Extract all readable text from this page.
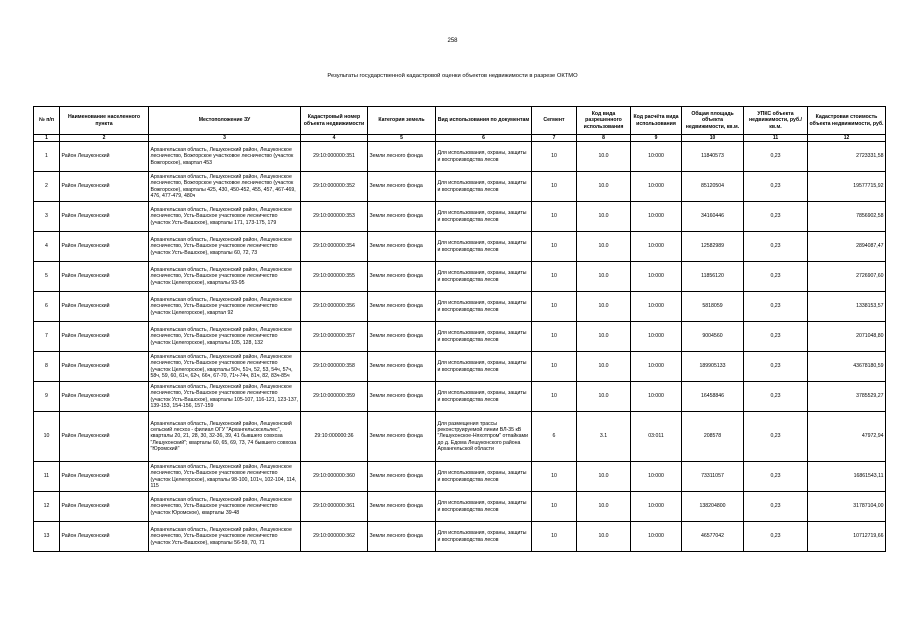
258
Результаты государственной кадастровой оценки объектов недвижимости в разрезе ОКТМО
№ п/п	Наименование населенного пункта	Местоположение ЗУ	Кадастровый номер объекта недвижимости	Категория земель	Вид использования по документам	Сегмент	Код вида разрешенного использования	Код расчёта вида использования	Общая площадь объекта недвижимости, кв.м.	УПКС объекта недвижимости, руб./кв.м.	Кадастровая стоимость объекта недвижимости, руб.
1	2	3	4	5	6	7	8	9	10	11	12
1	Район Лешуконский	Архангельская область, Лешуконский район, Лешуконское лесничество, Вожгорское участковое лесничество (участок Вожгорское), квартал 453	29:10:000000:351	Земли лесного фонда	Для использования, охраны, защиты и воспроизводства лесов	10	10.0	10:000	11840573	0,23	2723331,58
2	Район Лешуконский	Архангельская область, Лешуконский район, Лешуконское лесничество, Вожгорское участковое лесничество (участок Вожгорское), кварталы 425, 430, 450-452, 455, 457, 467-469, 476, 477-479, 480ч	29:10:000000:352	Земли лесного фонда	Для использования, охраны, защиты и воспроизводства лесов	10	10.0	10:000	85120504	0,23	19577715,92
3	Район Лешуконский	Архангельская область, Лешуконский район, Лешуконское лесничество, Усть-Вашское участковое лесничество (участок Усть-Вашское), кварталы 171, 173-175, 179	29:10:000000:353	Земли лесного фонда	Для использования, охраны, защиты и воспроизводства лесов	10	10.0	10:000	34160446	0,23	7856902,58
4	Район Лешуконский	Архангельская область, Лешуконский район, Лешуконское лесничество, Усть-Вашское участковое лесничество (участок Усть-Вашское), кварталы 60, 72, 73	29:10:000000:354	Земли лесного фонда	Для использования, охраны, защиты и воспроизводства лесов	10	10.0	10:000	12582989	0,23	2894087,47
5	Район Лешуконский	Архангельская область, Лешуконский район, Лешуконское лесничество, Усть-Вашское участковое лесничество (участок Целегорское), кварталы 93-95	29:10:000000:355	Земли лесного фонда	Для использования, охраны, защиты и воспроизводства лесов	10	10.0	10:000	11856120	0,23	2726907,60
6	Район Лешуконский	Архангельская область, Лешуконский район, Лешуконское лесничество, Усть-Вашское участковое лесничество (участок Целегорское), квартал 92	29:10:000000:356	Земли лесного фонда	Для использования, охраны, защиты и воспроизводства лесов	10	10.0	10:000	5818059	0,23	1338153,57
7	Район Лешуконский	Архангельская область, Лешуконский район, Лешуконское лесничество, Усть-Вашское участковое лесничество (участок Целегорское), кварталы 105, 128, 132	29:10:000000:357	Земли лесного фонда	Для использования, охраны, защиты и воспроизводства лесов	10	10.0	10:000	9004560	0,23	2071048,80
8	Район Лешуконский	Архангельская область, Лешуконский район, Лешуконское лесничество, Усть-Вашское участковое лесничество (участок Целегорское), кварталы 50ч, 51ч, 52, 53, 54ч, 57ч, 58ч, 59, 60, 61ч, 62ч, 66ч, 67-70, 71ч-74ч, 81ч, 82, 83ч-85ч	29:10:000000:358	Земли лесного фонда	Для использования, охраны, защиты и воспроизводства лесов	10	10.0	10:000	189905133	0,23	43678180,59
9	Район Лешуконский	Архангельская область, Лешуконский район, Лешуконское лесничество, Усть-Вашское участковое лесничество (участок Усть-Вашское), кварталы 105-107, 116-121, 123-137, 139-153, 154-156, 157-159	29:10:000000:359	Земли лесного фонда	Для использования, охраны, защиты и воспроизводства лесов	10	10.0	10:000	16458846	0,23	3785529,27
10	Район Лешуконский	Архангельская область, Лешуконский район, Лешуконский сельский лесхоз - филиал ОГУ "Архангельсксельлес", кварталы 20, 21, 28, 30, 32-36, 39, 41 бывшего совхоза "Лешуконский"; кварталы 60, 65, 69, 73, 74 бывшего совхоза "Юромский"	29:10:000000:36	Земли лесного фонда	Для размещения трассы реконструируемой линии ВЛ-35 кВ "Лешуконское-Няхотпром" отпайками до д. Едома Лешуконского района Архангельской области	6	3.1	03:011	208578	0,23	47972,94
11	Район Лешуконский	Архангельская область, Лешуконский район, Лешуконское лесничество, Усть-Вашское участковое лесничество (участок Целегорское), кварталы 98-100, 101ч, 102-104, 114, 115	29:10:000000:360	Земли лесного фонда	Для использования, охраны, защиты и воспроизводства лесов	10	10.0	10:000	73311057	0,23	16861543,11
12	Район Лешуконский	Архангельская область, Лешуконский район, Лешуконское лесничество, Усть-Вашское участковое лесничество (участок Юромское), кварталы 39-48	29:10:000000:361	Земли лесного фонда	Для использования, охраны, защиты и воспроизводства лесов	10	10.0	10:000	138204800	0,23	31787104,00
13	Район Лешуконский	Архангельская область, Лешуконский район, Лешуконское лесничество, Усть-Вашское участковое лесничество (участок Усть-Вашское), кварталы 56-59, 70, 71	29:10:000000:362	Земли лесного фонда	Для использования, охраны, защиты и воспроизводства лесов	10	10.0	10:000	46577042	0,23	10712719,66
